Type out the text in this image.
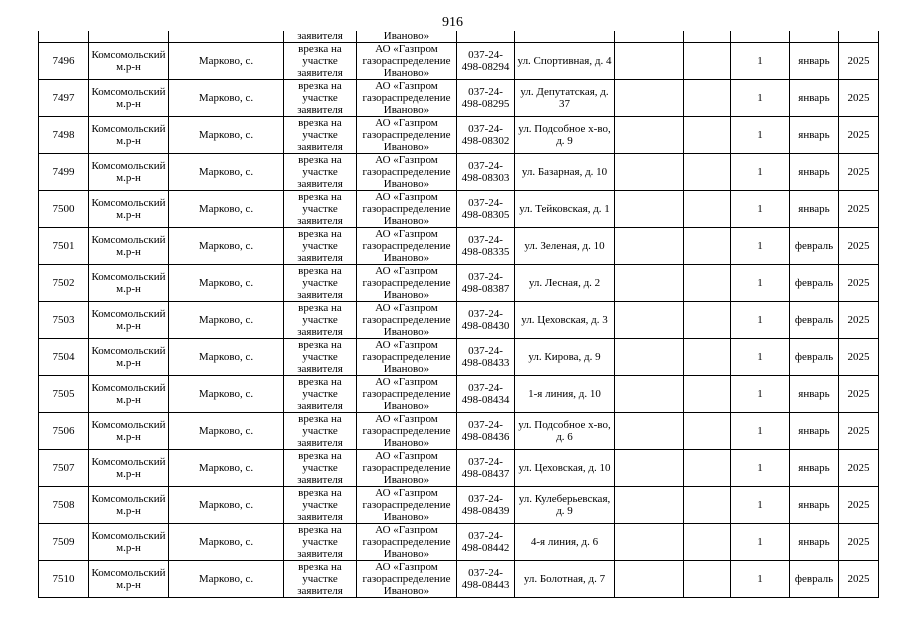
916
			заявителя	Иваново»							
7496	Комсомольский м.р-н	Марково, с.	врезка на участке заявителя	АО «Газпром газораспределение Иваново»	037-24-498-08294	ул. Спортивная, д. 4			1	январь	2025
7497	Комсомольский м.р-н	Марково, с.	врезка на участке заявителя	АО «Газпром газораспределение Иваново»	037-24-498-08295	ул. Депутатская, д. 37			1	январь	2025
7498	Комсомольский м.р-н	Марково, с.	врезка на участке заявителя	АО «Газпром газораспределение Иваново»	037-24-498-08302	ул. Подсобное х-во, д. 9			1	январь	2025
7499	Комсомольский м.р-н	Марково, с.	врезка на участке заявителя	АО «Газпром газораспределение Иваново»	037-24-498-08303	ул. Базарная, д. 10			1	январь	2025
7500	Комсомольский м.р-н	Марково, с.	врезка на участке заявителя	АО «Газпром газораспределение Иваново»	037-24-498-08305	ул. Тейковская, д. 1			1	январь	2025
7501	Комсомольский м.р-н	Марково, с.	врезка на участке заявителя	АО «Газпром газораспределение Иваново»	037-24-498-08335	ул. Зеленая, д. 10			1	февраль	2025
7502	Комсомольский м.р-н	Марково, с.	врезка на участке заявителя	АО «Газпром газораспределение Иваново»	037-24-498-08387	ул. Лесная, д. 2			1	февраль	2025
7503	Комсомольский м.р-н	Марково, с.	врезка на участке заявителя	АО «Газпром газораспределение Иваново»	037-24-498-08430	ул. Цеховская, д. 3			1	февраль	2025
7504	Комсомольский м.р-н	Марково, с.	врезка на участке заявителя	АО «Газпром газораспределение Иваново»	037-24-498-08433	ул. Кирова, д. 9			1	февраль	2025
7505	Комсомольский м.р-н	Марково, с.	врезка на участке заявителя	АО «Газпром газораспределение Иваново»	037-24-498-08434	1-я линия, д. 10			1	январь	2025
7506	Комсомольский м.р-н	Марково, с.	врезка на участке заявителя	АО «Газпром газораспределение Иваново»	037-24-498-08436	ул. Подсобное х-во, д. 6			1	январь	2025
7507	Комсомольский м.р-н	Марково, с.	врезка на участке заявителя	АО «Газпром газораспределение Иваново»	037-24-498-08437	ул. Цеховская, д. 10			1	январь	2025
7508	Комсомольский м.р-н	Марково, с.	врезка на участке заявителя	АО «Газпром газораспределение Иваново»	037-24-498-08439	ул. Кулеберьевская, д. 9			1	январь	2025
7509	Комсомольский м.р-н	Марково, с.	врезка на участке заявителя	АО «Газпром газораспределение Иваново»	037-24-498-08442	4-я линия, д. 6			1	январь	2025
7510	Комсомольский м.р-н	Марково, с.	врезка на участке заявителя	АО «Газпром газораспределение Иваново»	037-24-498-08443	ул. Болотная, д. 7			1	февраль	2025
